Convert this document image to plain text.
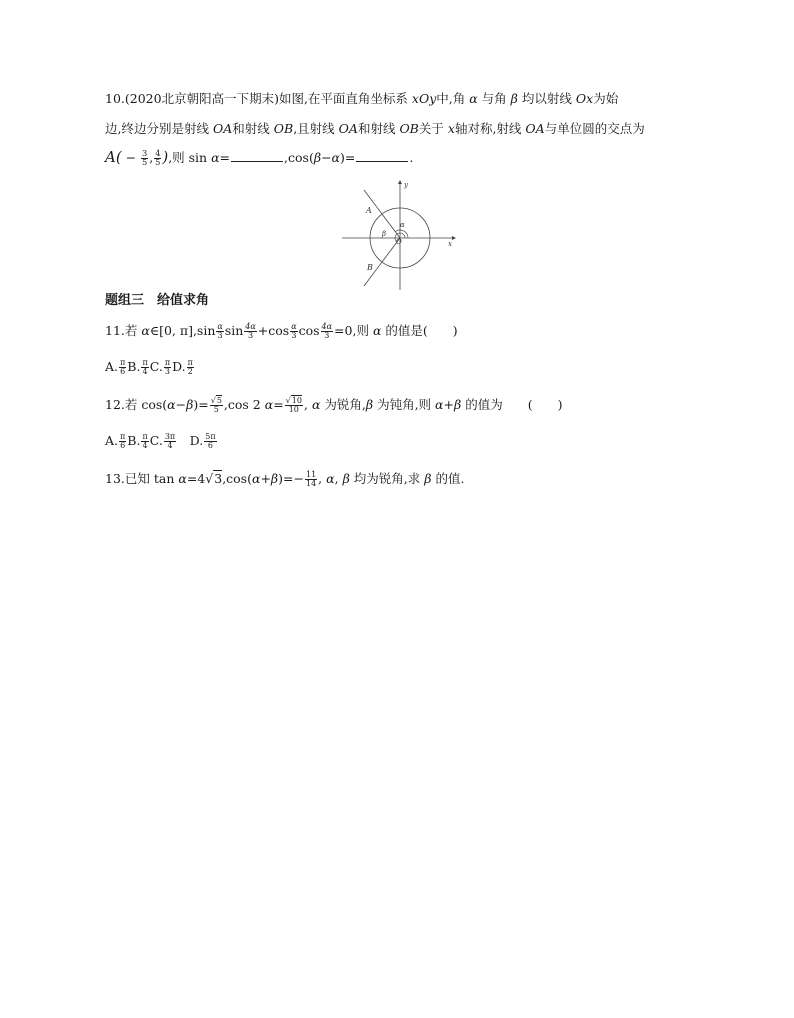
10.(2020北京朝阳高一下期末)如图,在平面直角坐标系 xOy中,角 α 与角 β 均以射线 Ox为始
边,终边分别是射线 OA和射线 OB,且射线 OA和射线 OB关于 x轴对称,射线 OA与单位圆的交点为
$A( - \frac{3}{5}$ , $\frac{4}{5}$ ),则 sin α=	,cos(β−α)=	.
y
x
A
B
O
α
β
题组三　给值求角
11.若 α∈[0, $\pi],\sin \frac{\alpha}{3}$ $\sin \frac{4\alpha}{3} +\cos \frac{\alpha}{3}$ $\cos \frac{4\alpha}{3} =0$,则 α 的值是(　　)
A. $\frac{\pi}{6} B$. $\frac{\pi}{4} C$. $\frac{\pi}{3} D$. $\frac{\pi}{2}$
12.若 $\cos(\alpha-\beta)= \frac{√5}{5} ,\cos$ 2 $\alpha= \frac{√10}{10}$ , α 为锐角,β 为钝角,则 α+β 的值为　　(　　)
A. $\frac{\pi}{6} B$. $\frac{\pi}{4} C$. $\frac{3\pi}{4}$ 　D. $\frac{5\pi}{6}$
13.已知 $\tan \alpha=4√3,\cos(\alpha+\beta)=- \frac{11}{14}$ , α, β 均为锐角,求 β 的值.
